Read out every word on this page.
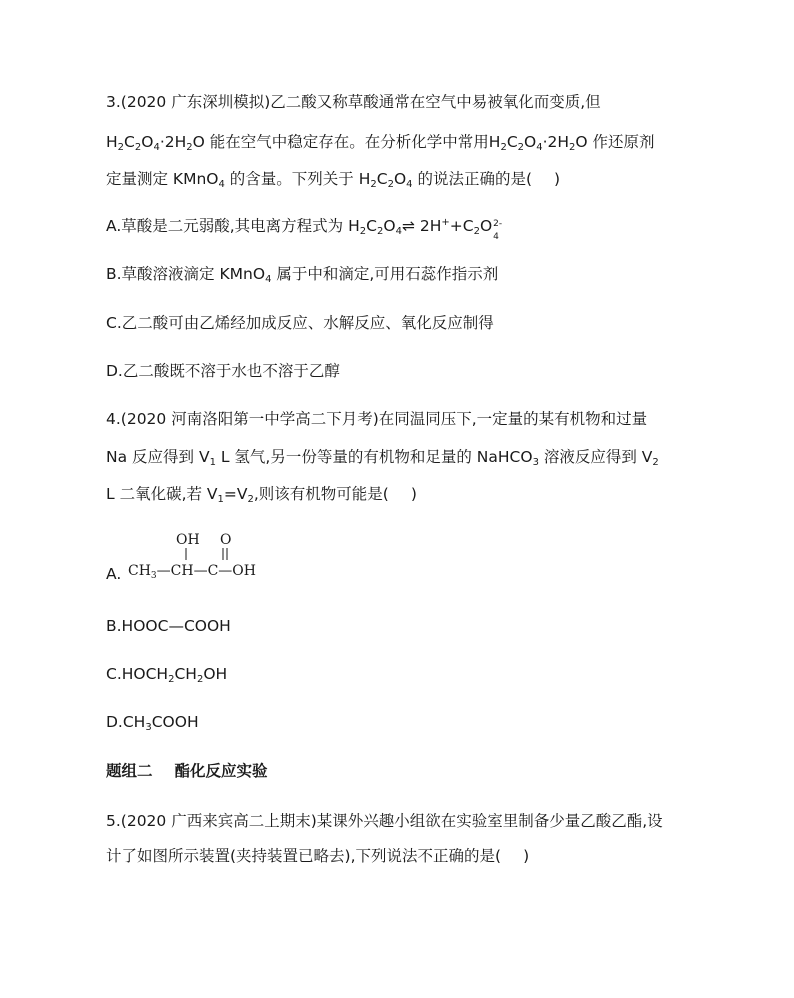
3.(2020 广东深圳模拟)乙二酸又称草酸通常在空气中易被氧化而变质,但
$H_2C_2O_4\cdot 2H_2O$ 能在空气中稳定存在。在分析化学中常用$H_2C_2O_4\cdot 2H_2O$ 作还原剂
定量测定 KMnO$_4$ 的含量。下列关于 $H_2C_2O_4$ 的说法正确的是( )
A.草酸是二元弱酸,其电离方程式为 $H_2C_2O_4\rightleftharpoons$ $2H^++C_2O$ 2-
4
B.草酸溶液滴定 KMnO$_4$ 属于中和滴定,可用石蕊作指示剂
C.乙二酸可由乙烯经加成反应、水解反应、氧化反应制得
D.乙二酸既不溶于水也不溶于乙醇
4.(2020 河南洛阳第一中学高二下月考)在同温同压下,一定量的某有机物和过量
Na 反应得到 $V_1$ L 氢气,另一份等量的有机物和足量的 NaHCO$_3$ 溶液反应得到 $V_2$
L 二氧化碳,若 $V_1=V_2$,则该有机物可能是( )
A.
OH O
$CH_3—CH—C—OH$
B.HOOC—COOH
$C.HOCH_2CH_2OH$
$D.CH_3COOH$
题组二 酯化反应实验
5.(2020 广西来宾高二上期末)某课外兴趣小组欲在实验室里制备少量乙酸乙酯,设
计了如图所示装置(夹持装置已略去),下列说法不正确的是( )
